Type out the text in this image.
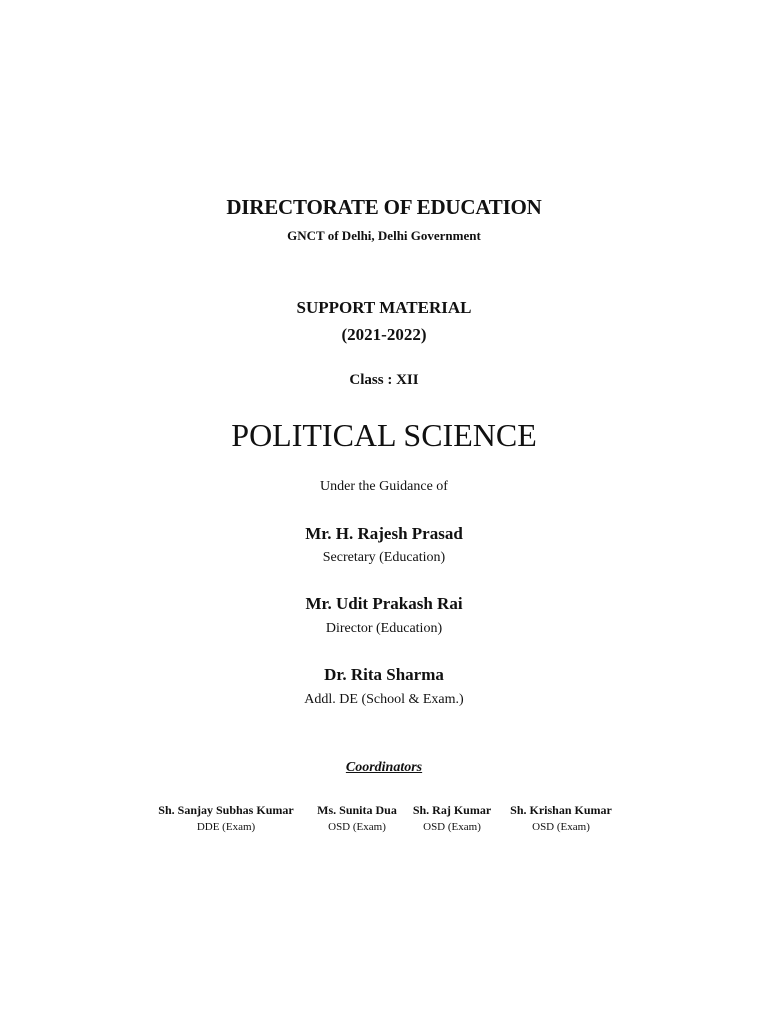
DIRECTORATE OF EDUCATION
GNCT of Delhi, Delhi Government
SUPPORT MATERIAL
(2021-2022)
Class : XII
POLITICAL SCIENCE
Under the Guidance of
Mr. H. Rajesh Prasad
Secretary (Education)
Mr. Udit Prakash Rai
Director (Education)
Dr. Rita Sharma
Addl. DE (School & Exam.)
Coordinators
Sh. Sanjay Subhas Kumar
DDE (Exam)
Ms. Sunita Dua
OSD (Exam)
Sh. Raj Kumar
OSD (Exam)
Sh. Krishan Kumar
OSD (Exam)
